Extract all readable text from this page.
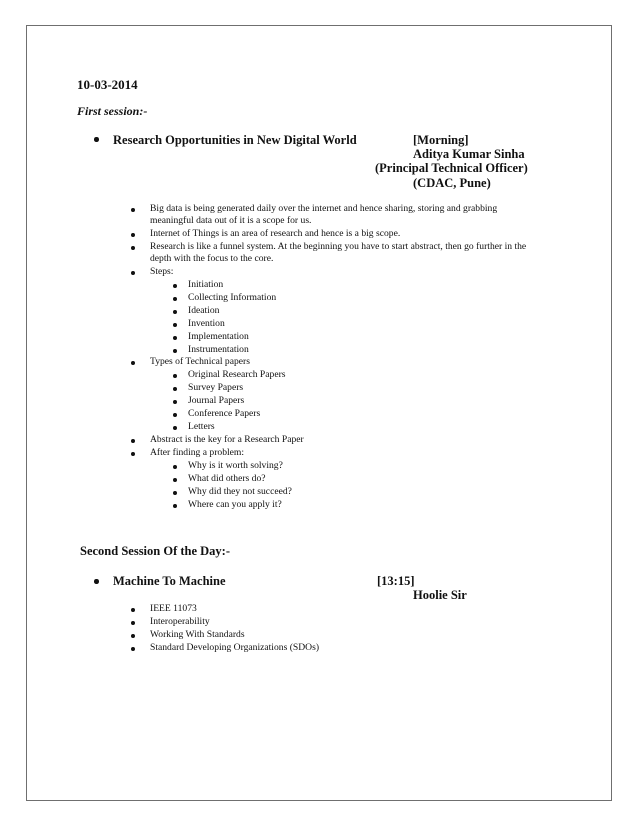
10-03-2014
First session:-
Research Opportunities in New Digital World	[Morning]
Aditya Kumar Sinha
(Principal Technical Officer)
(CDAC, Pune)
Big data is being generated daily over the internet and hence sharing, storing and grabbing
meaningful data out of it is a scope for us.
Internet of Things is an area of research and hence is a big scope.
Research is like a funnel system. At the beginning you have to start abstract, then go further in the
depth with the focus to the core.
Steps:
Initiation
Collecting Information
Ideation
Invention
Implementation
Instrumentation
Types of Technical papers
Original Research Papers
Survey Papers
Journal Papers
Conference Papers
Letters
Abstract is the key for a Research Paper
After finding a problem:
Why is it worth solving?
What did others do?
Why did they not succeed?
Where can you apply it?
Second Session Of the Day:-
Machine To Machine	[13:15]
Hoolie Sir
IEEE 11073
Interoperability
Working With Standards
Standard Developing Organizations (SDOs)
